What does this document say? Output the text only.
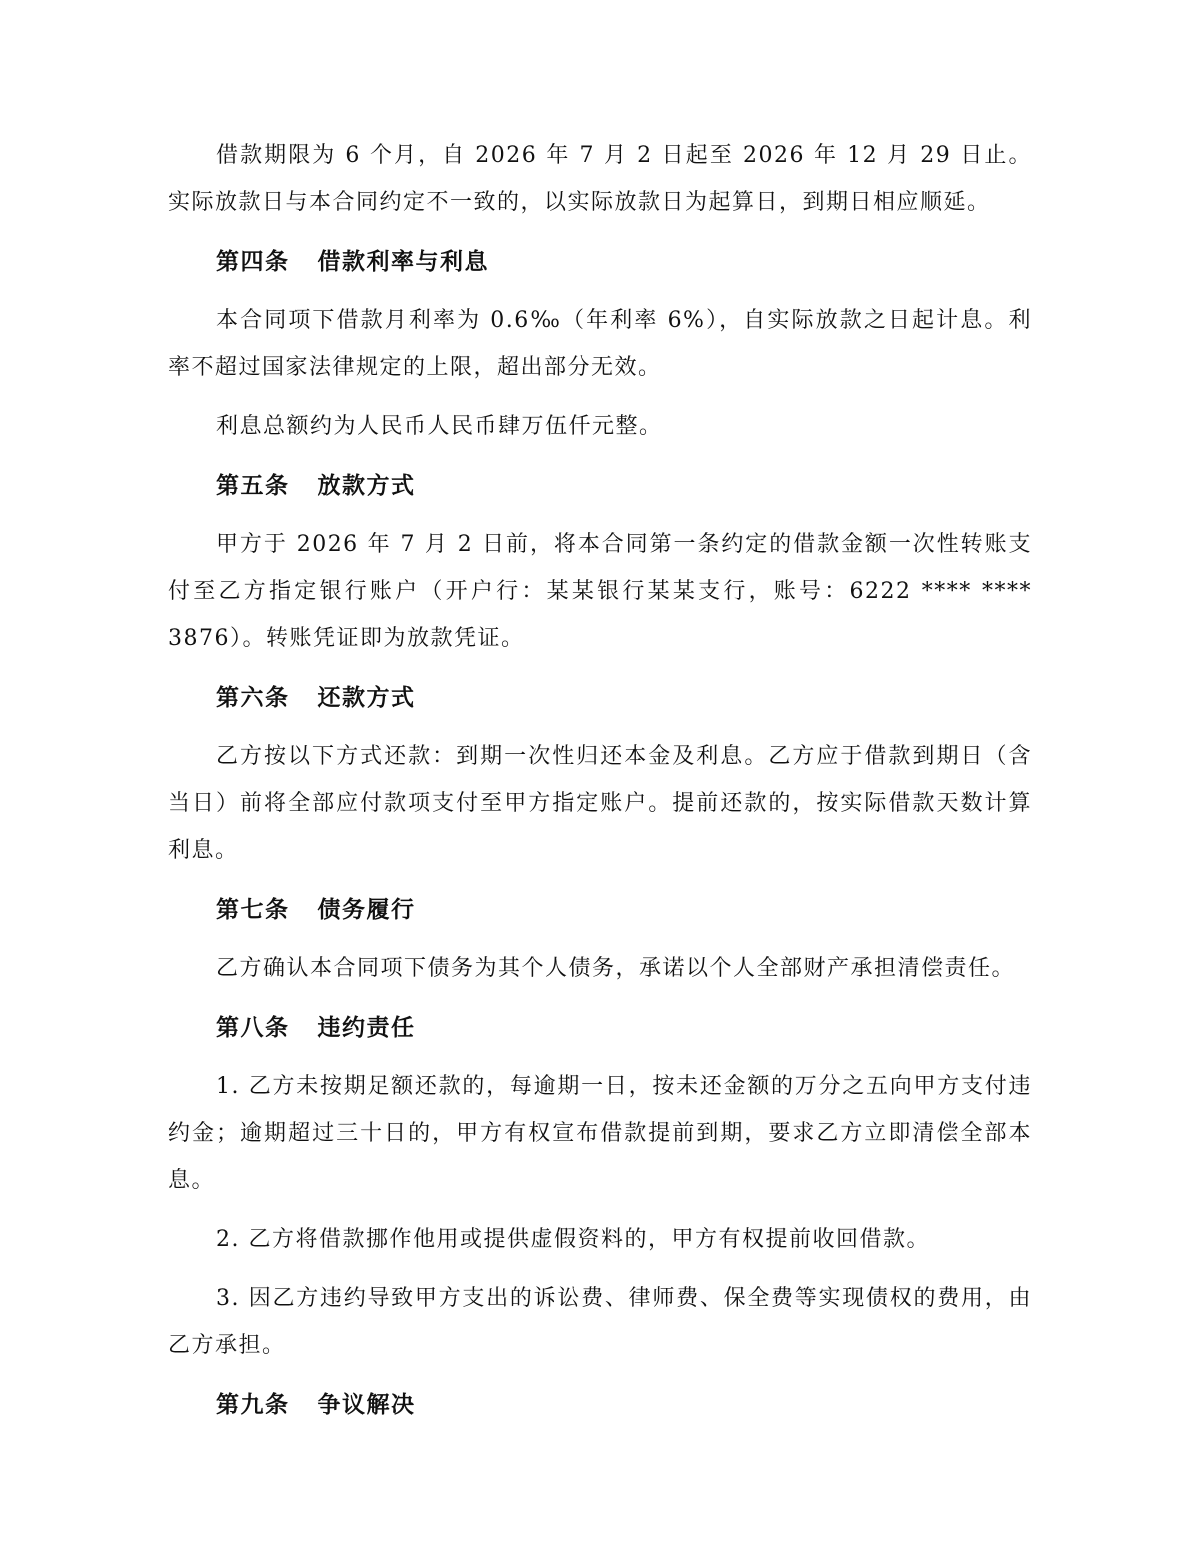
借款期限为 6 个月，自 2026 年 7 月 2 日起至 2026 年 12 月 29 日止。实际放款日与本合同约定不一致的，以实际放款日为起算日，到期日相应顺延。

第四条 借款利率与利息

本合同项下借款月利率为 0.6‰（年利率 6%），自实际放款之日起计息。利率不超过国家法律规定的上限，超出部分无效。

利息总额约为人民币人民币肆万伍仟元整。

第五条 放款方式

甲方于 2026 年 7 月 2 日前，将本合同第一条约定的借款金额一次性转账支付至乙方指定银行账户（开户行：某某银行某某支行，账号：6222 **** **** 3876）。转账凭证即为放款凭证。

第六条 还款方式

乙方按以下方式还款：到期一次性归还本金及利息。乙方应于借款到期日（含当日）前将全部应付款项支付至甲方指定账户。提前还款的，按实际借款天数计算利息。

第七条 债务履行

乙方确认本合同项下债务为其个人债务，承诺以个人全部财产承担清偿责任。

第八条 违约责任

1. 乙方未按期足额还款的，每逾期一日，按未还金额的万分之五向甲方支付违约金；逾期超过三十日的，甲方有权宣布借款提前到期，要求乙方立即清偿全部本息。

2. 乙方将借款挪作他用或提供虚假资料的，甲方有权提前收回借款。

3. 因乙方违约导致甲方支出的诉讼费、律师费、保全费等实现债权的费用，由乙方承担。

第九条 争议解决
